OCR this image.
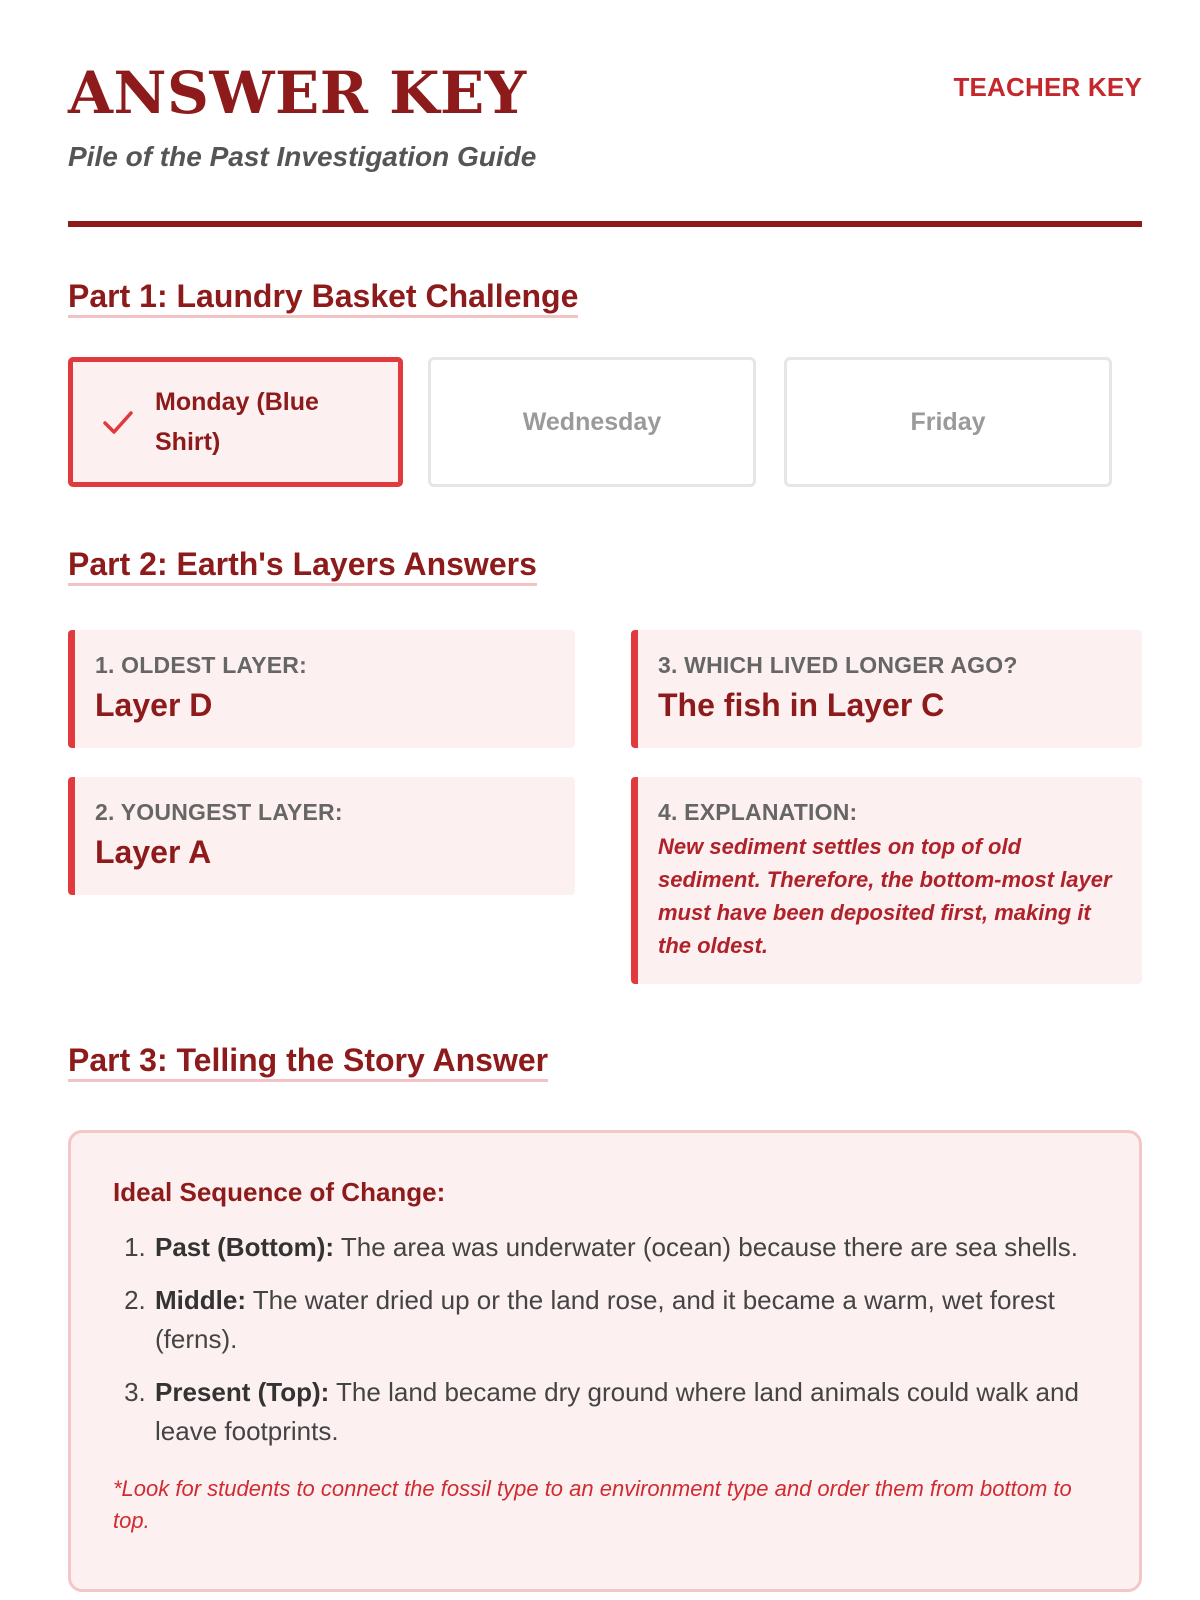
ANSWER KEY
Pile of the Past Investigation Guide
TEACHER KEY
Part 1: Laundry Basket Challenge
Monday (Blue Shirt)
Wednesday	Friday
Part 2: Earth's Layers Answers
1. OLDEST LAYER:
Layer D
2. YOUNGEST LAYER:
Layer A
3. WHICH LIVED LONGER AGO?
The fish in Layer C
4. EXPLANATION:
New sediment settles on top of old sediment. Therefore, the bottom-most layer must have been deposited first, making it the oldest.
Part 3: Telling the Story Answer
Ideal Sequence of Change:
1. Past (Bottom): The area was underwater (ocean) because there are sea shells.
2. Middle: The water dried up or the land rose, and it became a warm, wet forest (ferns).
3. Present (Top): The land became dry ground where land animals could walk and leave footprints.
*Look for students to connect the fossil type to an environment type and order them from bottom to top.
